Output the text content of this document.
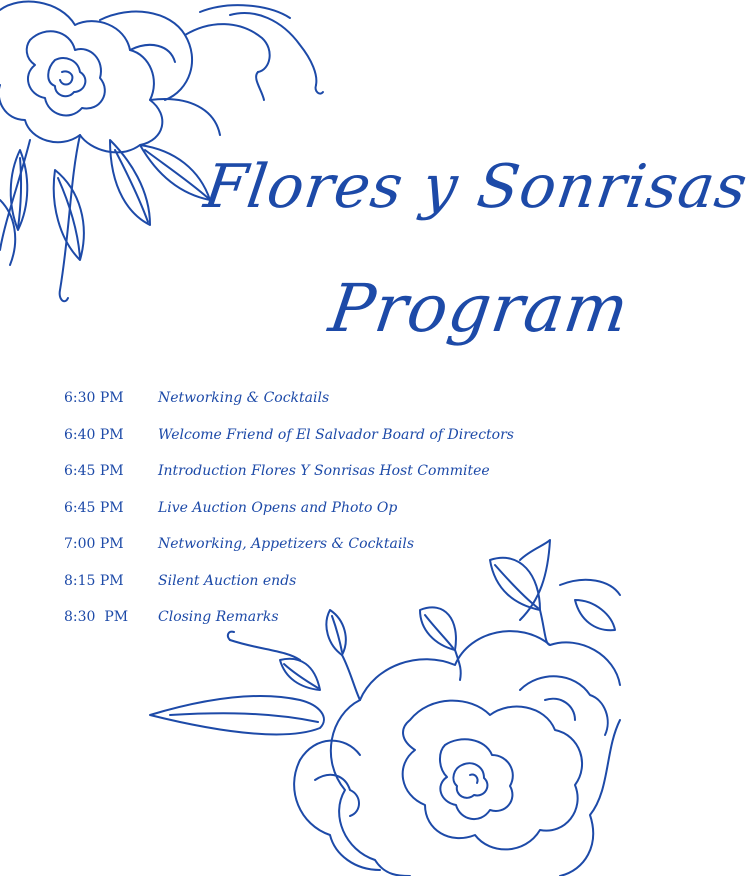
Flores y Sonrisas
Program
6:30 PM	Networking & Cocktails
6:40 PM	Welcome Friend of El Salvador Board of Directors
6:45 PM	Introduction Flores Y Sonrisas Host Commitee
6:45 PM	Live Auction Opens and Photo Op
7:00 PM	Networking, Appetizers & Cocktails
8:15 PM	Silent Auction ends
8:30  PM	Closing Remarks
